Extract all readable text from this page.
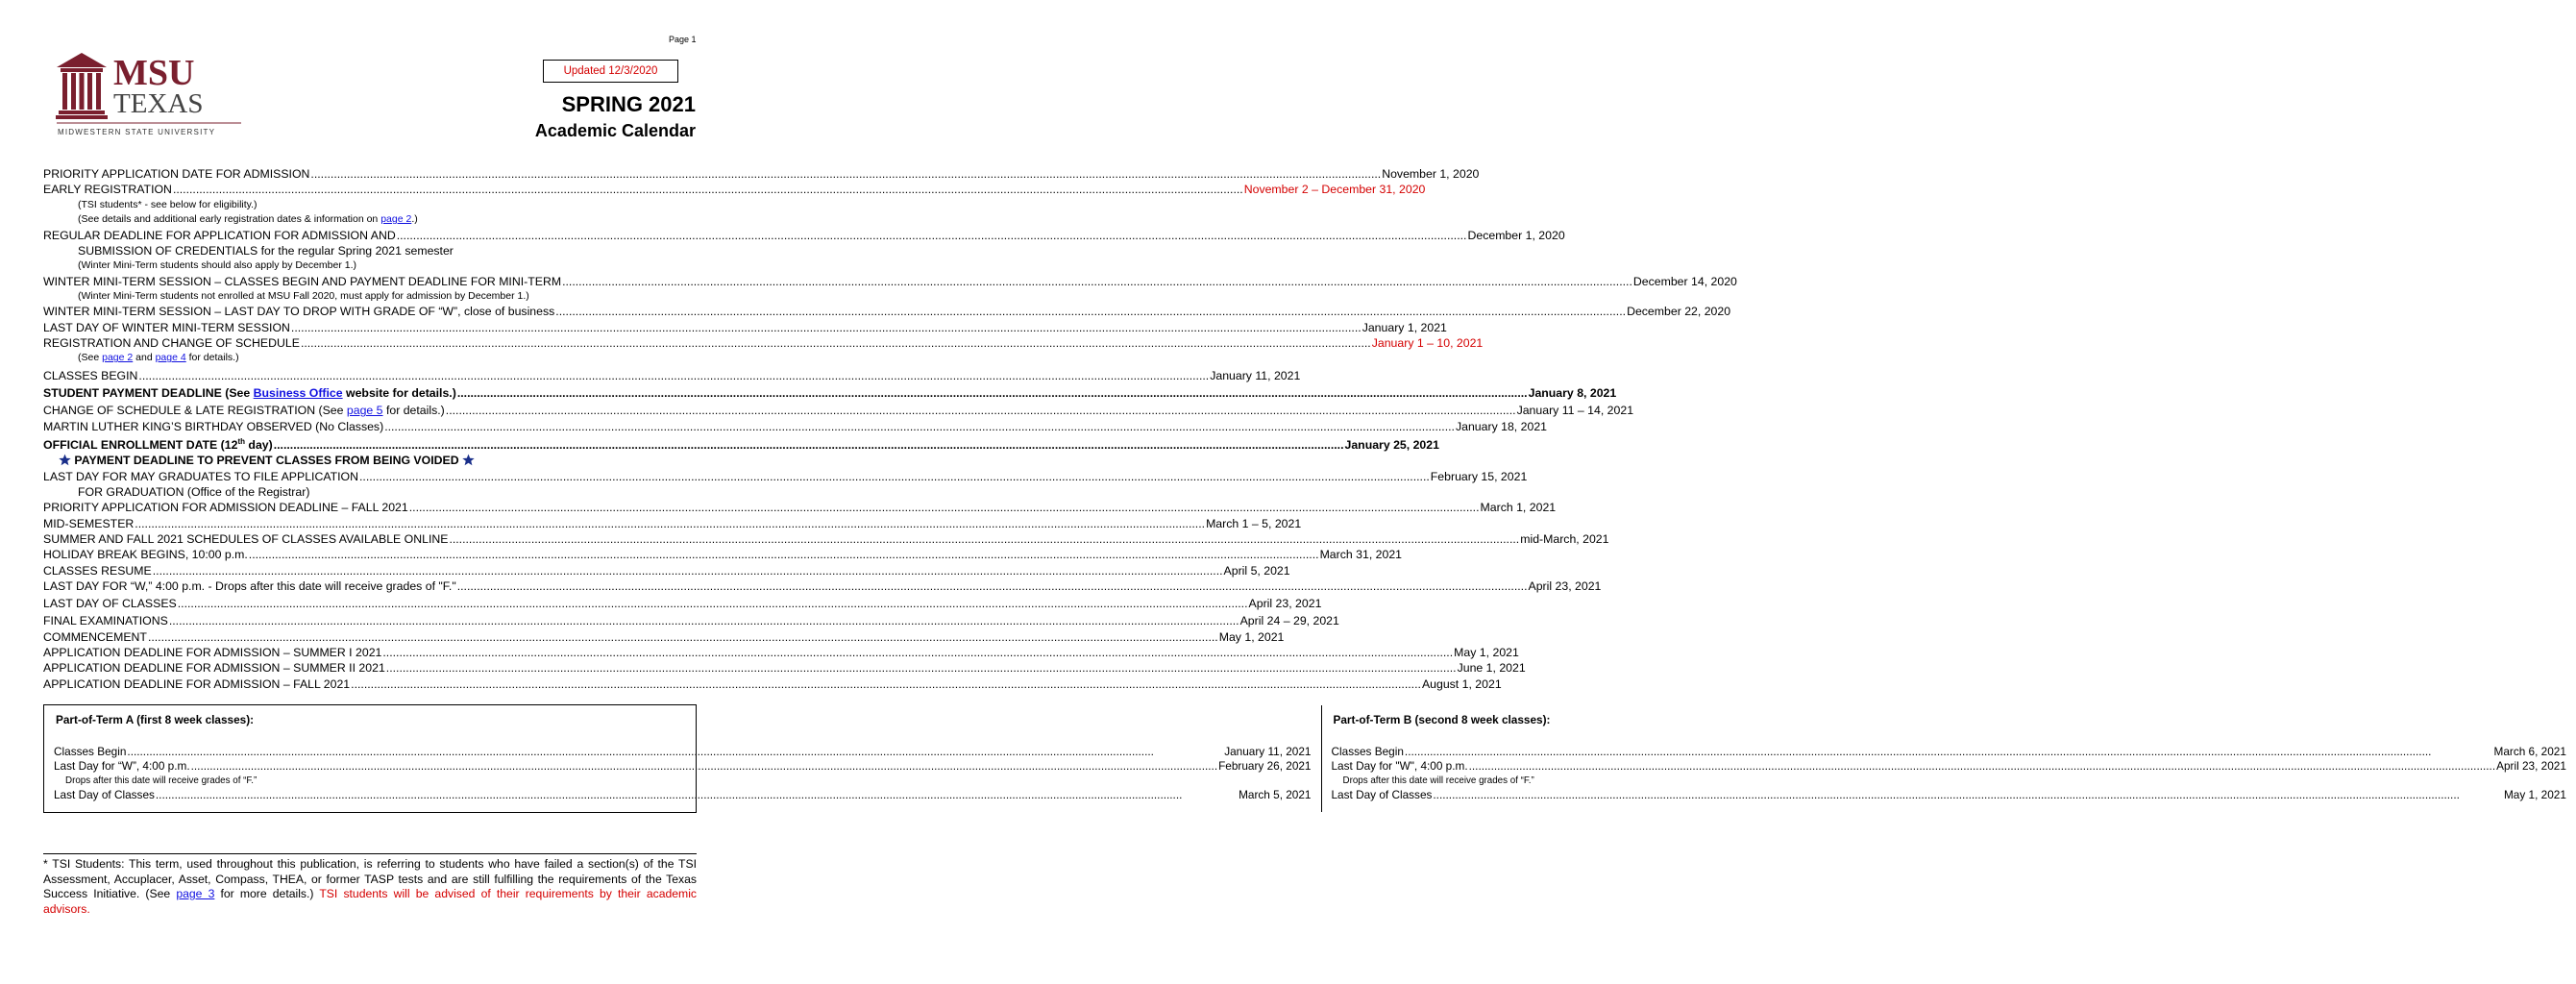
Page 1
MSU
TEXAS
MIDWESTERN STATE UNIVERSITY
Updated 12/3/2020
SPRING 2021
Academic Calendar
PRIORITY APPLICATION DATE FOR ADMISSION .....	November 1, 2020
EARLY REGISTRATION .....	November 2 – December 31, 2020
(TSI students* - see below for eligibility.)
(See details and additional early registration dates & information on page 2.)
REGULAR DEADLINE FOR APPLICATION FOR ADMISSION AND .....	December 1, 2020
SUBMISSION OF CREDENTIALS for the regular Spring 2021 semester
(Winter Mini-Term students should also apply by December 1.)
WINTER MINI-TERM SESSION – CLASSES BEGIN AND PAYMENT DEADLINE FOR MINI-TERM .....	December 14, 2020
(Winter Mini-Term students not enrolled at MSU Fall 2020, must apply for admission by December 1.)
WINTER MINI-TERM SESSION – LAST DAY TO DROP WITH GRADE OF “W”, close of business .....	December 22, 2020
LAST DAY OF WINTER MINI-TERM SESSION .....	January 1, 2021
REGISTRATION AND CHANGE OF SCHEDULE .....	January 1 – 10, 2021
(See page 2 and page 4 for details.)
CLASSES BEGIN .....	January 11, 2021
STUDENT PAYMENT DEADLINE (See Business Office website for details.) .....	January 8, 2021
CHANGE OF SCHEDULE & LATE REGISTRATION (See page 5 for details.) .....	January 11 – 14, 2021
MARTIN LUTHER KING’S BIRTHDAY OBSERVED (No Classes) .....	January 18, 2021
OFFICIAL ENROLLMENT DATE (12th day) .....	January 25, 2021
PAYMENT DEADLINE TO PREVENT CLASSES FROM BEING VOIDED
LAST DAY FOR MAY GRADUATES TO FILE APPLICATION .....	February 15, 2021
FOR GRADUATION (Office of the Registrar)
PRIORITY APPLICATION FOR ADMISSION DEADLINE – FALL 2021 .....	March 1, 2021
MID-SEMESTER .....	March 1 – 5, 2021
SUMMER AND FALL 2021 SCHEDULES OF CLASSES AVAILABLE ONLINE .....	mid-March, 2021
HOLIDAY BREAK BEGINS, 10:00 p.m. .....	March 31, 2021
CLASSES RESUME .....	April 5, 2021
LAST DAY FOR “W,” 4:00 p.m. - Drops after this date will receive grades of "F." .....	April 23, 2021
LAST DAY OF CLASSES .....	April 23, 2021
FINAL EXAMINATIONS .....	April 24 – 29, 2021
COMMENCEMENT .....	May 1, 2021
APPLICATION DEADLINE FOR ADMISSION – SUMMER I 2021 .....	May 1, 2021
APPLICATION DEADLINE FOR ADMISSION – SUMMER II 2021 .....	June 1, 2021
APPLICATION DEADLINE FOR ADMISSION – FALL 2021 .....	August 1, 2021
Part-of-Term A (first 8 week classes):
Classes Begin .....	January 11, 2021
Last Day for “W”, 4:00 p.m. .....	February 26, 2021
Drops after this date will receive grades of “F.”
Last Day of Classes .....	March 5, 2021
Part-of-Term B (second 8 week classes):
Classes Begin .....	March 6, 2021
Last Day for "W", 4:00 p.m. .....	April 23, 2021
Drops after this date will receive grades of “F.”
Last Day of Classes .....	May 1, 2021
* TSI Students: This term, used throughout this publication, is referring to students who have failed a section(s) of the TSI Assessment, Accuplacer, Asset, Compass, THEA, or former TASP tests and are still fulfilling the requirements of the Texas Success Initiative. (See page 3 for more details.) TSI students will be advised of their requirements by their academic advisors.
